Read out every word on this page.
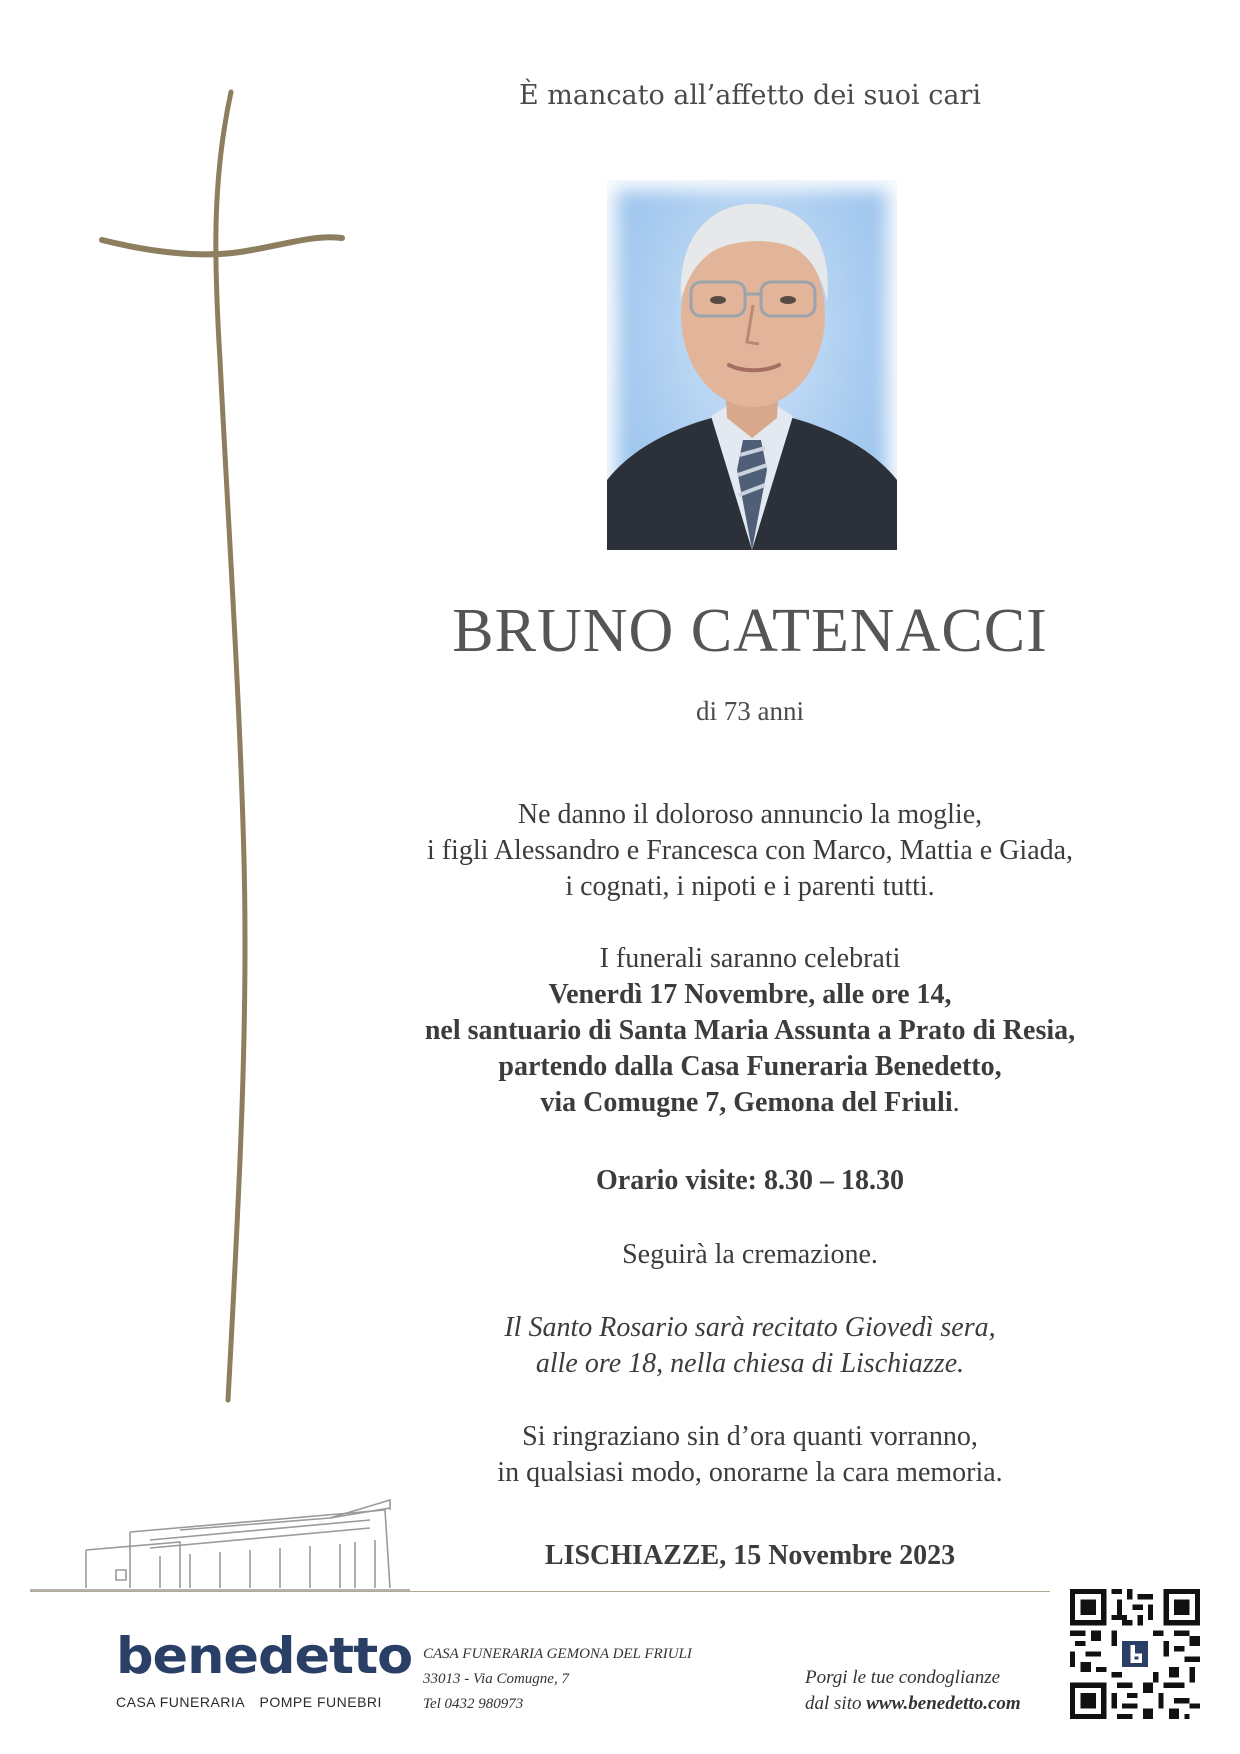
È mancato all’affetto dei suoi cari
BRUNO CATENACCI
di 73 anni
Ne danno il doloroso annuncio la moglie,
i figli Alessandro e Francesca con Marco, Mattia e Giada,
i cognati, i nipoti e i parenti tutti.
I funerali saranno celebrati
Venerdì 17 Novembre, alle ore 14,
nel santuario di Santa Maria Assunta a Prato di Resia,
partendo dalla Casa Funeraria Benedetto,
via Comugne 7, Gemona del Friuli.
Orario visite: 8.30 – 18.30
Seguirà la cremazione.
Il Santo Rosario sarà recitato Giovedì sera,
alle ore 18, nella chiesa di Lischiazze.
Si ringraziano sin d’ora quanti vorranno,
in qualsiasi modo, onorarne la cara memoria.
LISCHIAZZE, 15 Novembre 2023
benedetto
CASA FUNERARIA POMPE FUNEBRI
CASA FUNERARIA GEMONA DEL FRIULI
33013 - Via Comugne, 7
Tel 0432 980973
Porgi le tue condoglianze
dal sito www.benedetto.com
